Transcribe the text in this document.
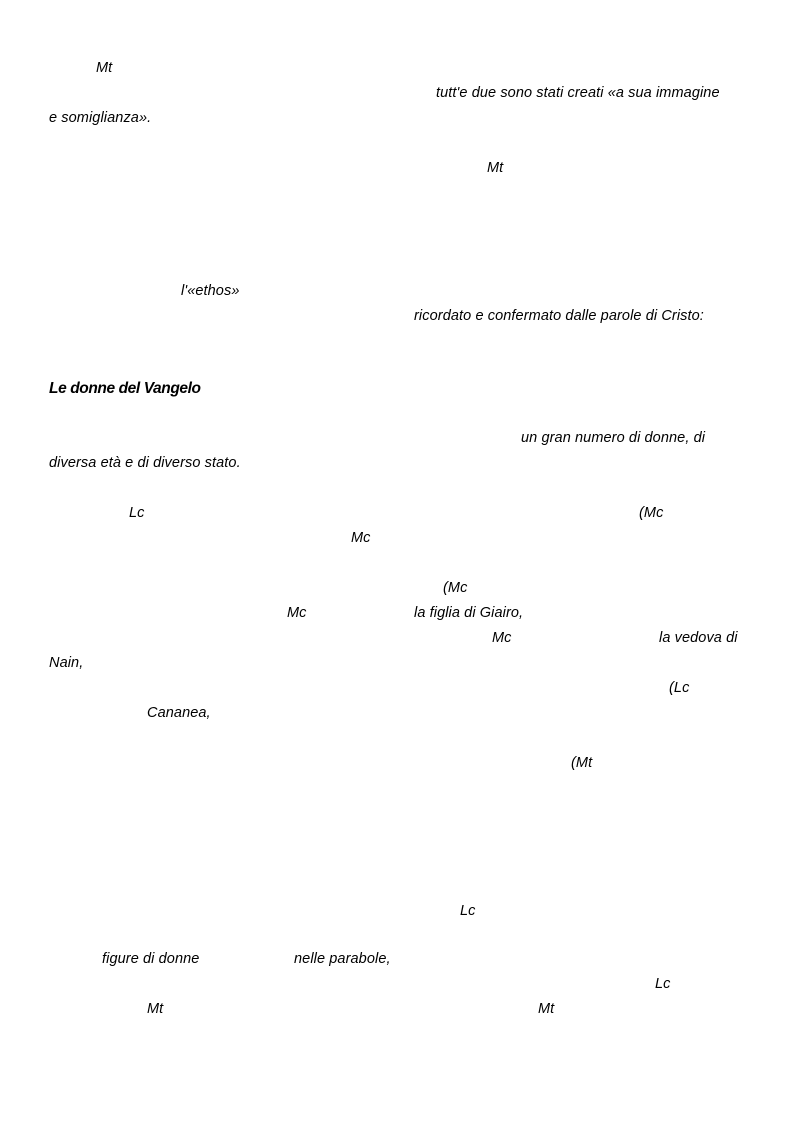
Mt
tutt'e due sono stati creati «a sua immagine
e somiglianza».
Mt
l'«ethos»
ricordato e confermato dalle parole di Cristo:
Le donne del Vangelo
un gran numero di donne, di
diversa età e di diverso stato.
Lc	(Mc
Mc
(Mc
Mc	la figlia di Giairo,
Mc	la vedova di
Nain,
(Lc
Cananea,
(Mt
Lc
figure di donne	nelle parabole,
Lc
Mt	Mt
